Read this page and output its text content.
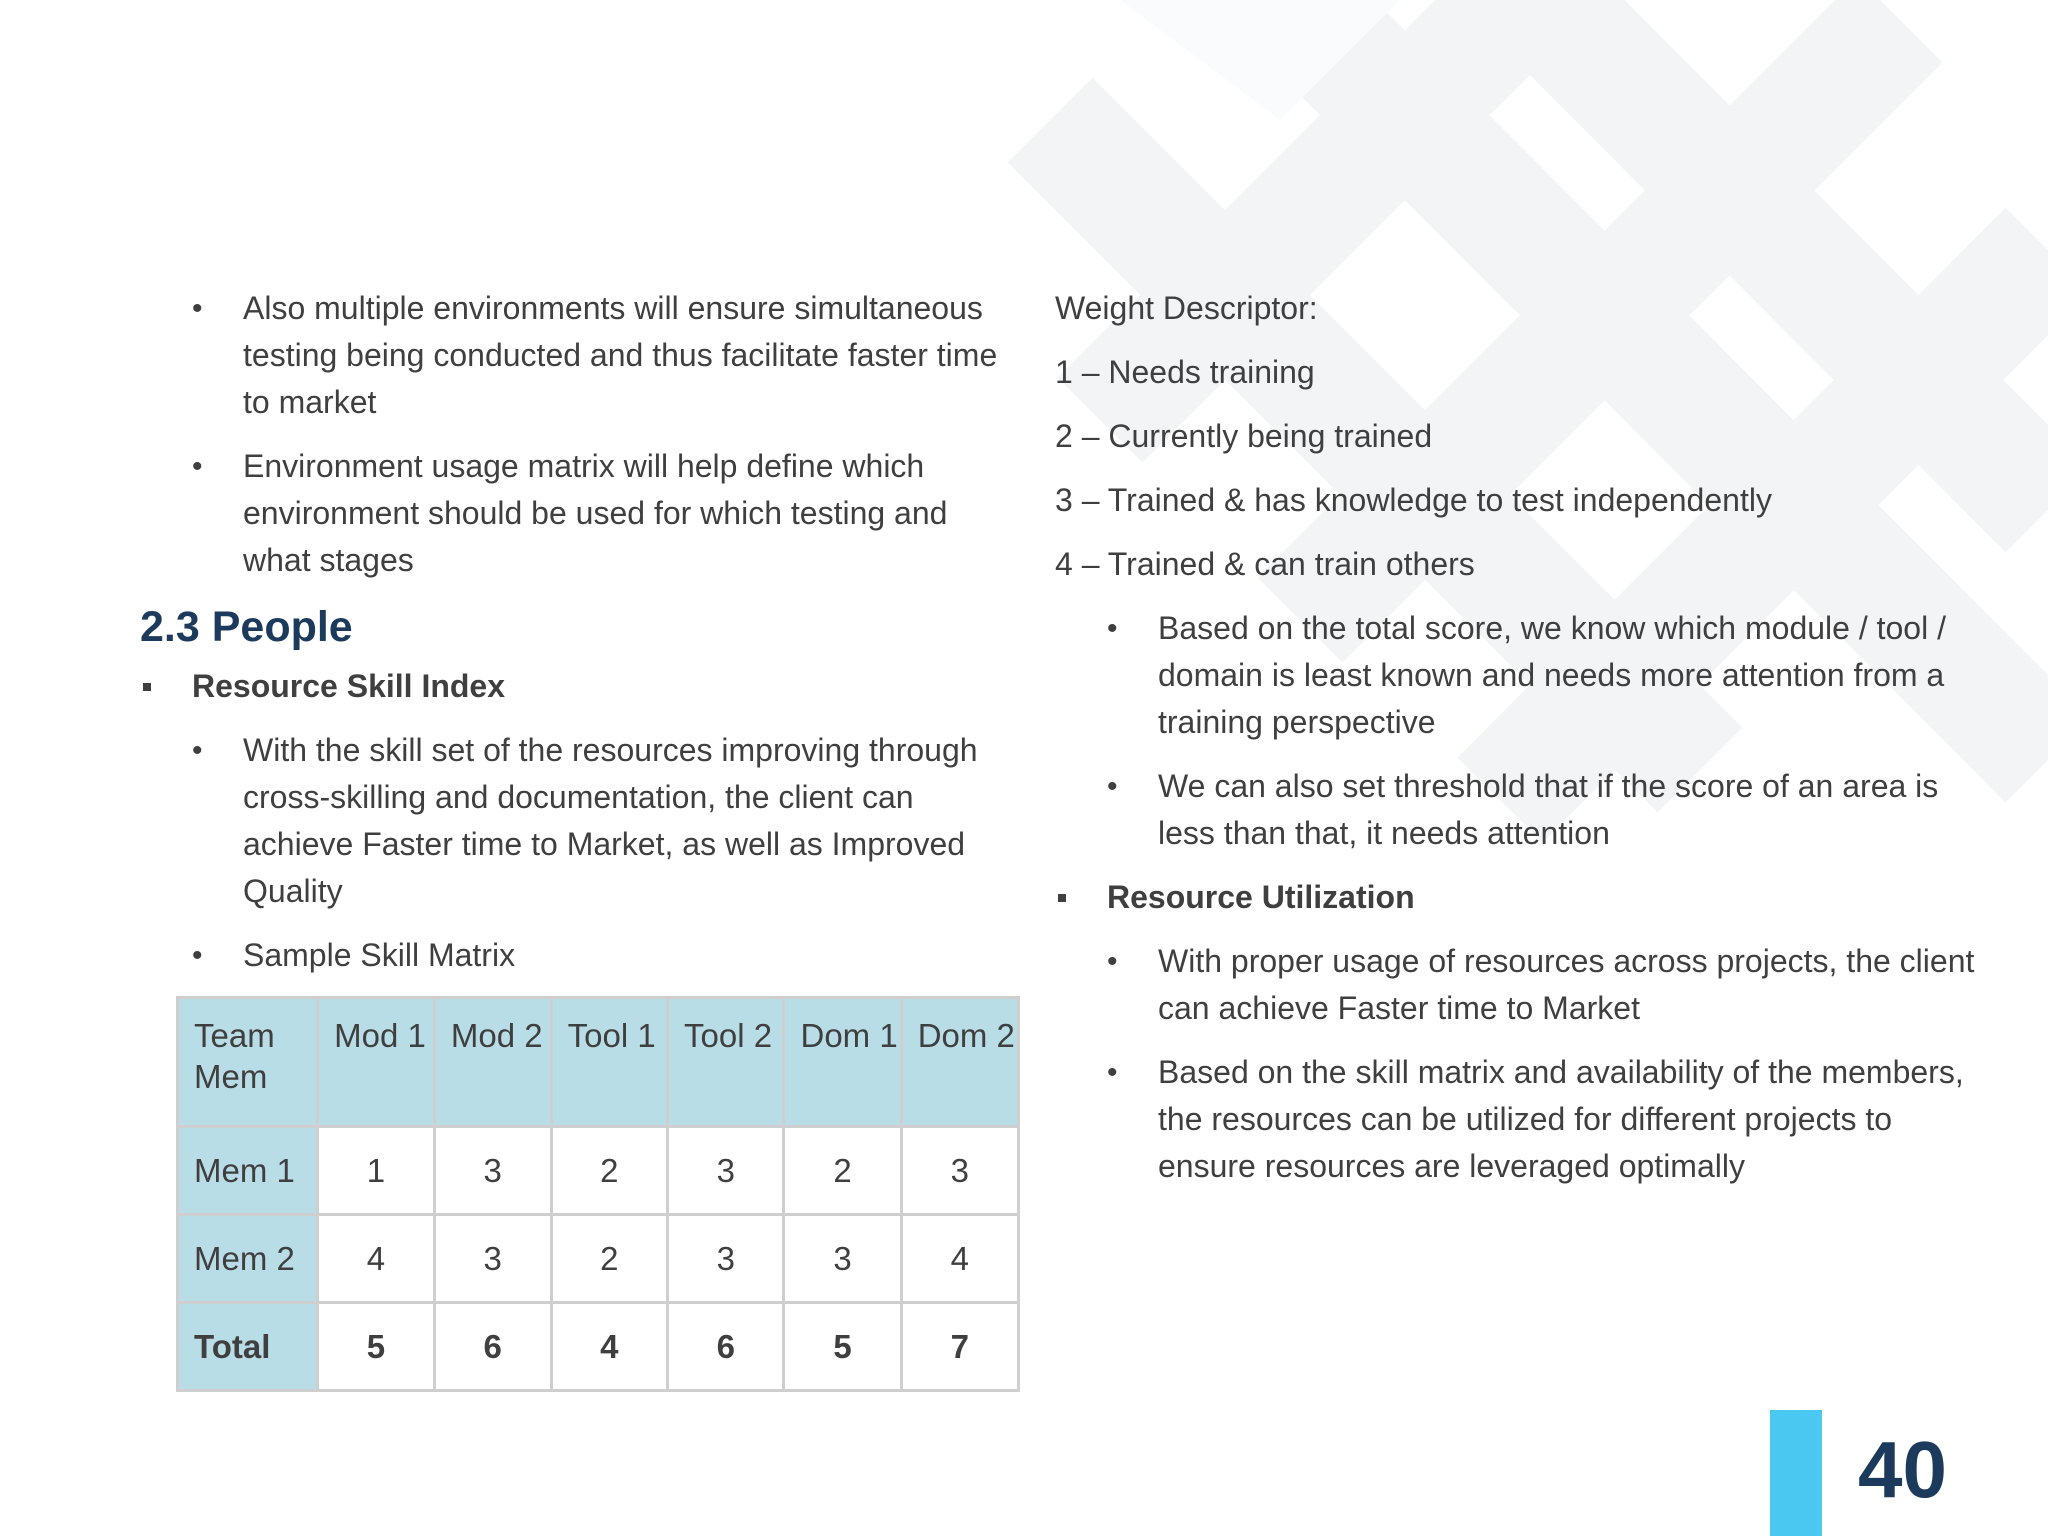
• Also multiple environments will ensure simultaneous testing being conducted and thus facilitate faster time to market
• Environment usage matrix will help define which environment should be used for which testing and what stages
2.3 People
Resource Skill Index
• With the skill set of the resources improving through cross-skilling and documentation, the client can achieve Faster time to Market, as well as Improved Quality
• Sample Skill Matrix
Team Mem	Mod 1	Mod 2	Tool 1	Tool 2	Dom 1	Dom 2
Mem 1	1	3	2	3	2	3
Mem 2	4	3	2	3	3	4
Total	5	6	4	6	5	7
Weight Descriptor:
1 – Needs training
2 – Currently being trained
3 – Trained & has knowledge to test independently
4 – Trained & can train others
• Based on the total score, we know which module / tool / domain is least known and needs more attention from a training perspective
• We can also set threshold that if the score of an area is less than that, it needs attention
Resource Utilization
• With proper usage of resources across projects, the client can achieve Faster time to Market
• Based on the skill matrix and availability of the members, the resources can be utilized for different projects to ensure resources are leveraged optimally
40
